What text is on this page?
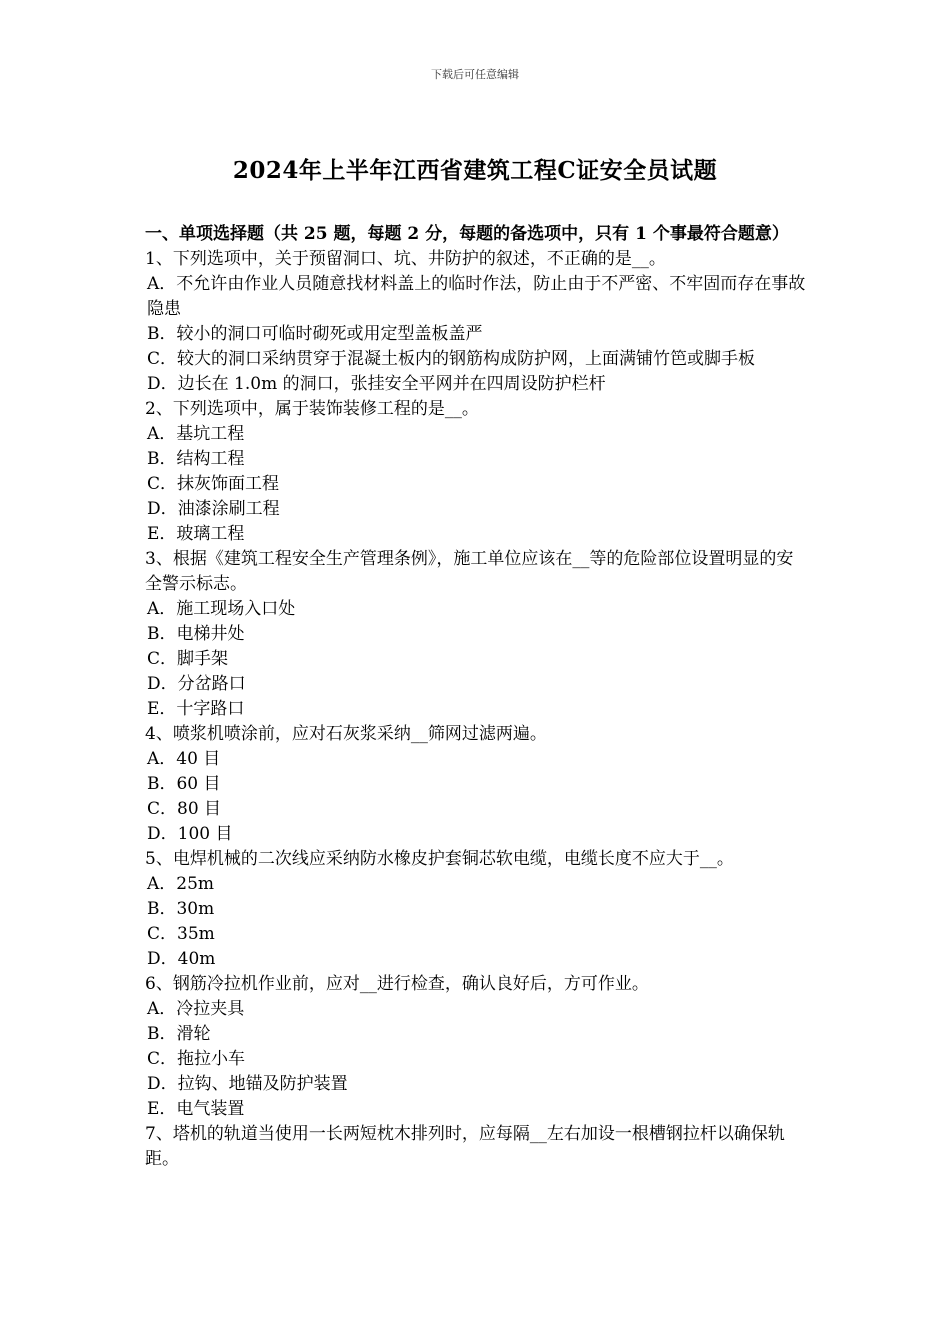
下载后可任意编辑
2024年上半年江西省建筑工程C证安全员试题
一、单项选择题（共 25 题，每题 2 分，每题的备选项中，只有 1 个事最符合题意）

1、下列选项中，关于预留洞口、坑、井防护的叙述，不正确的是__。

A．不允许由作业人员随意找材料盖上的临时作法，防止由于不严密、不牢固而存在事故隐患

B．较小的洞口可临时砌死或用定型盖板盖严

C．较大的洞口采纳贯穿于混凝土板内的钢筋构成防护网，上面满铺竹笆或脚手板

D．边长在 1.0m 的洞口，张挂安全平网并在四周设防护栏杆

2、下列选项中，属于装饰装修工程的是__。

A．基坑工程

B．结构工程

C．抹灰饰面工程

D．油漆涂刷工程

E．玻璃工程

3、根据《建筑工程安全生产管理条例》，施工单位应该在__等的危险部位设置明显的安全警示标志。

A．施工现场入口处

B．电梯井处

C．脚手架

D．分岔路口

E．十字路口

4、喷浆机喷涂前，应对石灰浆采纳__筛网过滤两遍。

A．40 目

B．60 目

C．80 目

D．100 目

5、电焊机械的二次线应采纳防水橡皮护套铜芯软电缆，电缆长度不应大于__。

A．25m

B．30m

C．35m

D．40m

6、钢筋冷拉机作业前，应对__进行检查，确认良好后，方可作业。

A．冷拉夹具

B．滑轮

C．拖拉小车

D．拉钩、地锚及防护装置

E．电气装置

7、塔机的轨道当使用一长两短枕木排列时，应每隔__左右加设一根槽钢拉杆以确保轨距。
